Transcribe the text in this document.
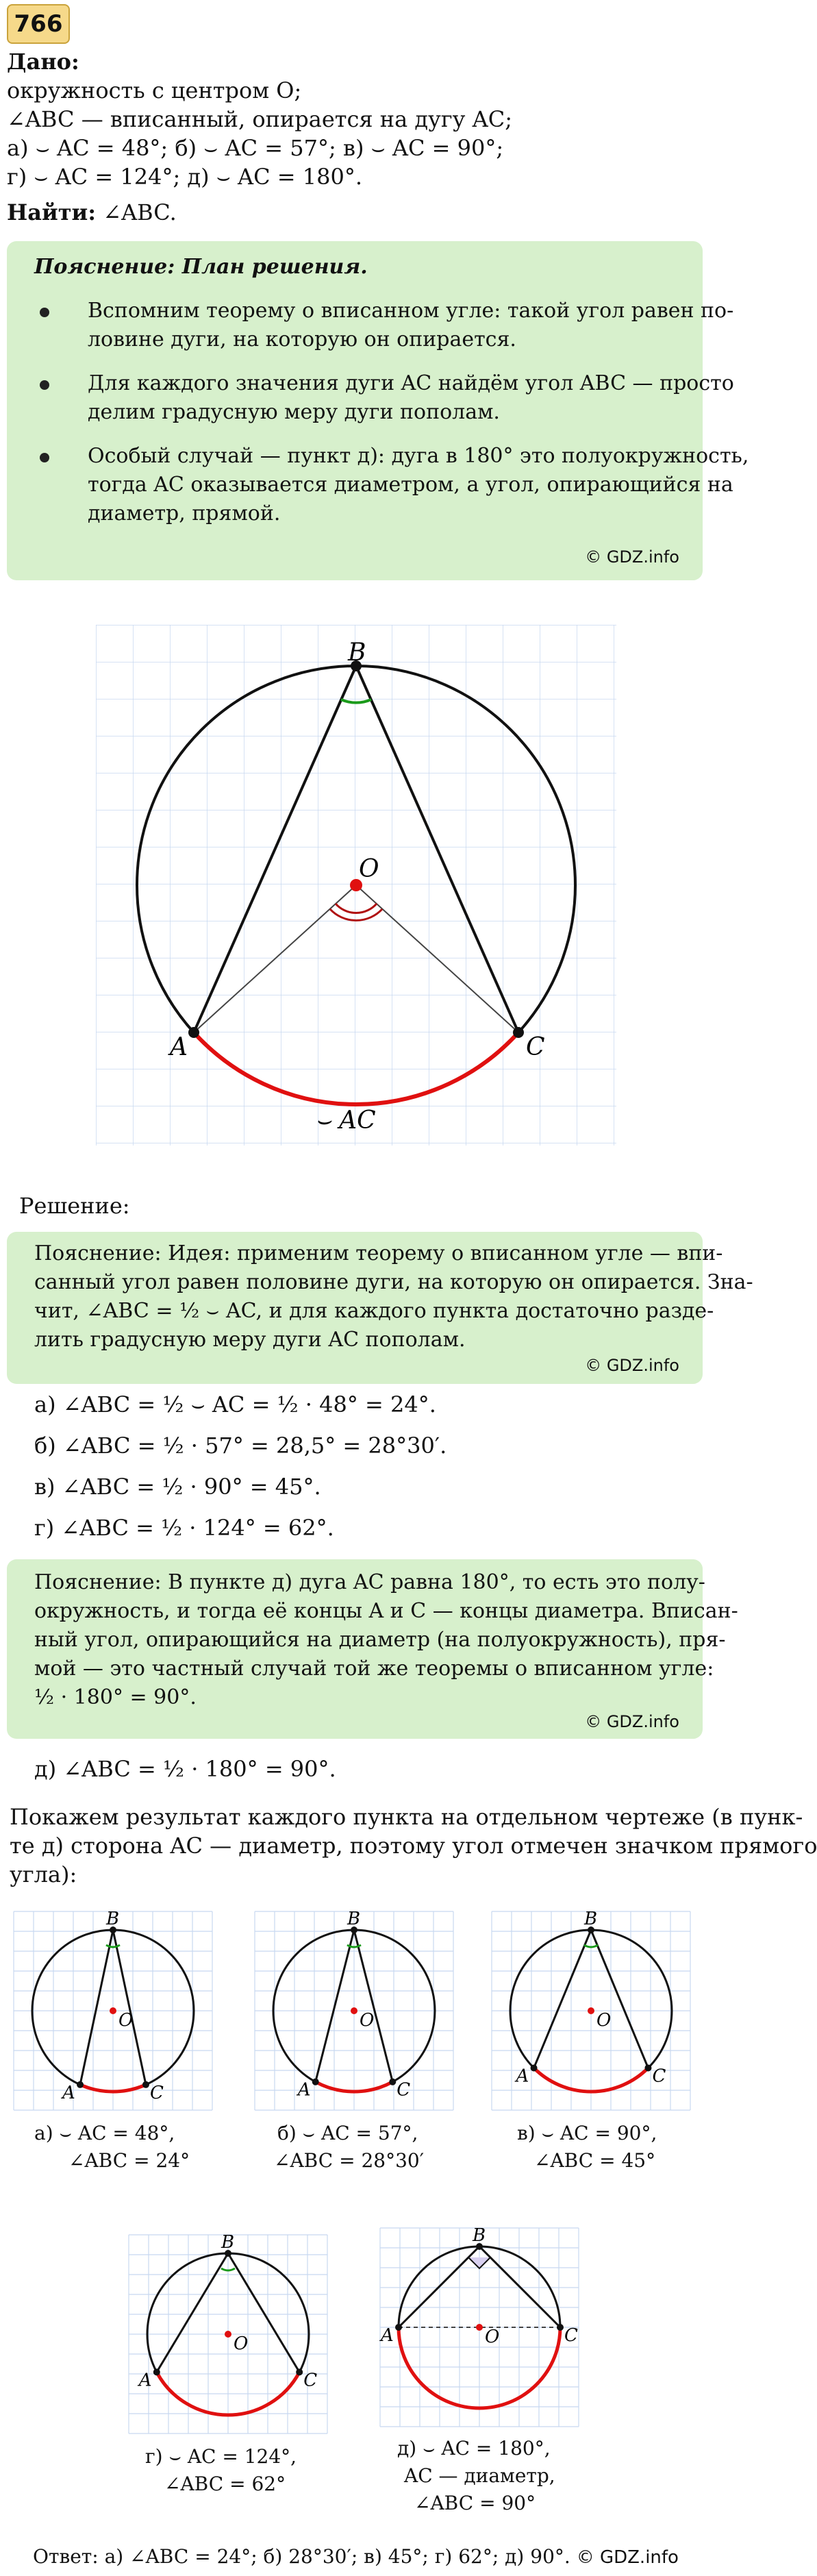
766
Дано:
окружность с центром O;
∠ABC — вписанный, опирается на дугу AC;
а) ⌣ AC = 48°; б) ⌣ AC = 57°; в) ⌣ AC = 90°;
г) ⌣ AC = 124°; д) ⌣ AC = 180°.
Найти: ∠ABC.
Пояснение: План решения.
Вспомним теорему о вписанном угле: такой угол равен по-
ловине дуги, на которую он опирается.
Для каждого значения дуги AC найдём угол ABC — просто
делим градусную меру дуги пополам.
Особый случай — пункт д): дуга в 180° это полуокружность,
тогда AC оказывается диаметром, а угол, опирающийся на
диаметр, прямой.
© GDZ.info
B
A	C
O
⌣ AC
Решение:
Пояснение: Идея: применим теорему о вписанном угле — впи-
санный угол равен половине дуги, на которую он опирается. Зна-
чит, ∠ABC = ½ ⌣ AC, и для каждого пункта достаточно разде-
лить градусную меру дуги AC пополам.
© GDZ.info
а) ∠ABC = ½ ⌣ AC = ½ · 48° = 24°.
б) ∠ABC = ½ · 57° = 28,5° = 28°30′.
в) ∠ABC = ½ · 90° = 45°.
г) ∠ABC = ½ · 124° = 62°.
Пояснение: В пункте д) дуга AC равна 180°, то есть это полу-
окружность, и тогда её концы A и C — концы диаметра. Вписан-
ный угол, опирающийся на диаметр (на полуокружность), пря-
мой — это частный случай той же теоремы о вписанном угле:
½ · 180° = 90°.
© GDZ.info
д) ∠ABC = ½ · 180° = 90°.
Покажем результат каждого пункта на отдельном чертеже (в пунк-
те д) сторона AC — диаметр, поэтому угол отмечен значком прямого
угла):
B
A	C
O
B
A	C
O
B
A	C
O
B
A	C
O
B
A	C
O
а) ⌣ AC = 48°,
∠ABC = 24°
б) ⌣ AC = 57°,
∠ABC = 28°30′
в) ⌣ AC = 90°,
∠ABC = 45°
г) ⌣ AC = 124°,
∠ABC = 62°
д) ⌣ AC = 180°,
AC — диаметр,
∠ABC = 90°
Ответ: а) ∠ABC = 24°; б) 28°30′; в) 45°; г) 62°; д) 90°. © GDZ.info
